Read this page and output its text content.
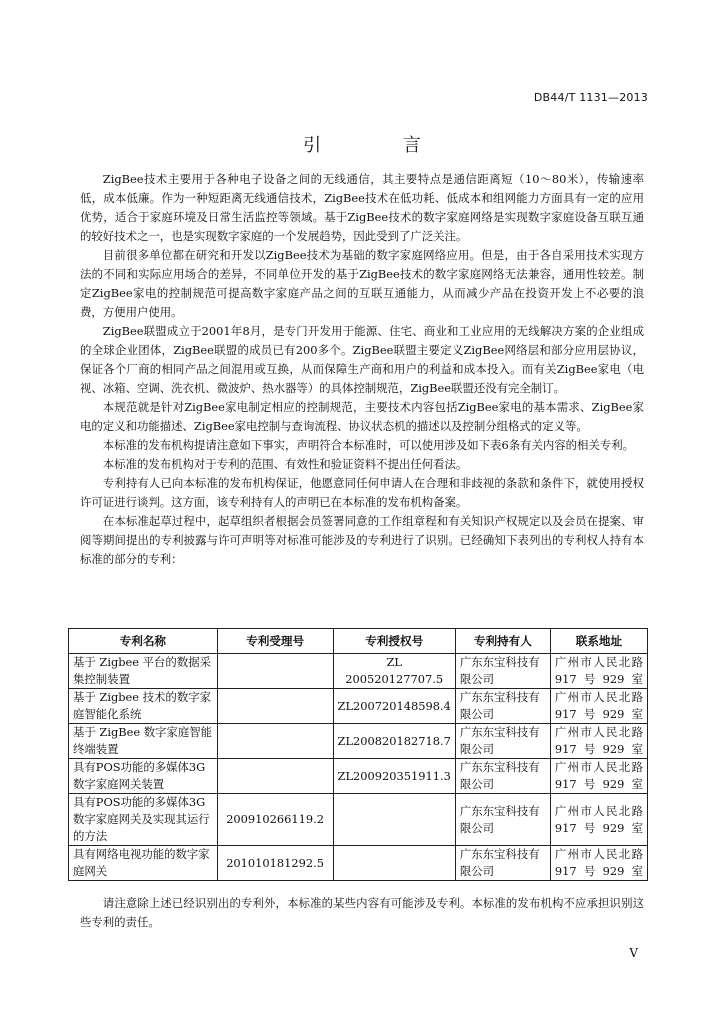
DB44/T 1131—2013
引 言

ZigBee技术主要用于各种电子设备之间的无线通信，其主要特点是通信距离短（10～80米），传输速率低，成本低廉。作为一种短距离无线通信技术，ZigBee技术在低功耗、低成本和组网能力方面具有一定的应用优势，适合于家庭环境及日常生活监控等领域。基于ZigBee技术的数字家庭网络是实现数字家庭设备互联互通的较好技术之一，也是实现数字家庭的一个发展趋势，因此受到了广泛关注。

目前很多单位都在研究和开发以ZigBee技术为基础的数字家庭网络应用。但是，由于各自采用技术实现方法的不同和实际应用场合的差异，不同单位开发的基于ZigBee技术的数字家庭网络无法兼容，通用性较差。制定ZigBee家电的控制规范可提高数字家庭产品之间的互联互通能力，从而减少产品在投资开发上不必要的浪费，方便用户使用。

ZigBee联盟成立于2001年8月，是专门开发用于能源、住宅、商业和工业应用的无线解决方案的企业组成的全球企业团体，ZigBee联盟的成员已有200多个。ZigBee联盟主要定义ZigBee网络层和部分应用层协议，保证各个厂商的相同产品之间混用或互换，从而保障生产商和用户的利益和成本投入。而有关ZigBee家电（电视、冰箱、空调、洗衣机、微波炉、热水器等）的具体控制规范，ZigBee联盟还没有完全制订。

本规范就是针对ZigBee家电制定相应的控制规范，主要技术内容包括ZigBee家电的基本需求、ZigBee家电的定义和功能描述、ZigBee家电控制与查询流程、协议状态机的描述以及控制分组格式的定义等。

本标准的发布机构提请注意如下事实，声明符合本标准时，可以使用涉及如下表6条有关内容的相关专利。

本标准的发布机构对于专利的范围、有效性和验证资料不提出任何看法。

专利持有人已向本标准的发布机构保证，他愿意同任何申请人在合理和非歧视的条款和条件下，就使用授权许可证进行谈判。这方面，该专利持有人的声明已在本标准的发布机构备案。

在本标准起草过程中，起草组织者根据会员签署同意的工作组章程和有关知识产权规定以及会员在提案、审阅等期间提出的专利披露与许可声明等对标准可能涉及的专利进行了识别。已经确知下表列出的专利权人持有本标准的部分的专利：

专利名称	专利受理号	专利授权号	专利持有人	联系地址
基于 Zigbee 平台的数据采集控制装置		ZL 200520127707.5	广东东宝科技有限公司	广州市人民北路917号929室
基于 Zigbee 技术的数字家庭智能化系统		ZL200720148598.4	广东东宝科技有限公司	广州市人民北路917号929室
基于 ZigBee 数字家庭智能终端装置		ZL200820182718.7	广东东宝科技有限公司	广州市人民北路917号929室
具有POS功能的多媒体3G数字家庭网关装置		ZL200920351911.3	广东东宝科技有限公司	广州市人民北路917号929室
具有POS功能的多媒体3G数字家庭网关及实现其运行的方法	200910266119.2		广东东宝科技有限公司	广州市人民北路917号929室
具有网络电视功能的数字家庭网关	201010181292.5		广东东宝科技有限公司	广州市人民北路917号929室
请注意除上述已经识别出的专利外，本标准的某些内容有可能涉及专利。本标准的发布机构不应承担识别这些专利的责任。
V
